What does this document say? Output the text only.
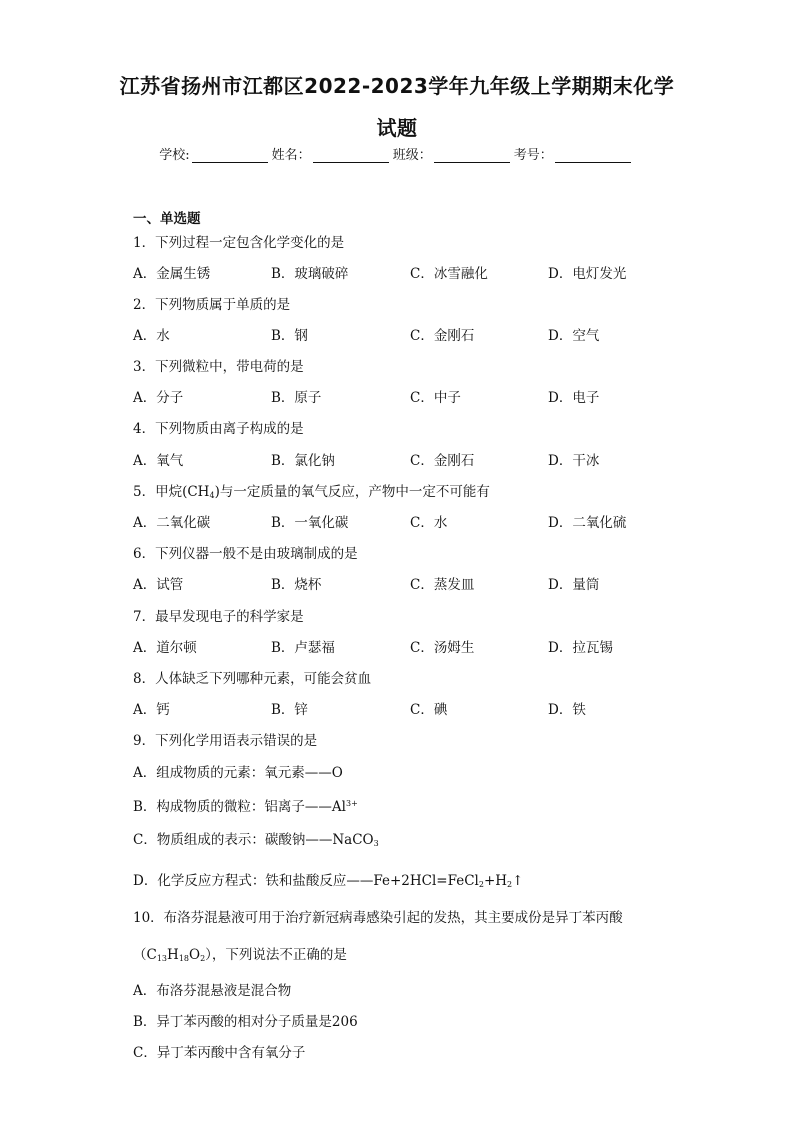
江苏省扬州市江都区2022-2023学年九年级上学期期末化学
试题
学校:	姓名：	班级：	考号：
一、单选题
1．下列过程一定包含化学变化的是
A．金属生锈	B．玻璃破碎	C．冰雪融化	D．电灯发光
2．下列物质属于单质的是
A．水	B．钢	C．金刚石	D．空气
3．下列微粒中，带电荷的是
A．分子	B．原子	C．中子	D．电子
4．下列物质由离子构成的是
A．氧气	B．氯化钠	C．金刚石	D．干冰
5．甲烷$(CH_4)$与一定质量的氧气反应，产物中一定不可能有
A．二氧化碳	B．一氧化碳	C．水	D．二氧化硫
6．下列仪器一般不是由玻璃制成的是
A．试管	B．烧杯	C．蒸发皿	D．量筒
7．最早发现电子的科学家是
A．道尔顿	B．卢瑟福	C．汤姆生	D．拉瓦锡
8．人体缺乏下列哪种元素，可能会贫血
A．钙	B．锌	C．碘	D．铁
9．下列化学用语表示错误的是
A．组成物质的元素：氧元素——O
B．构成物质的微粒：铝离子$——Al^{3+}$
C．物质组成的表示：碳酸钠——NaCO$_3$
D．化学反应方程式：铁和盐酸反应$——Fe+2HCl=FeCl_2+H_2↑$
10．布洛芬混悬液可用于治疗新冠病毒感染引起的发热，其主要成份是异丁苯丙酸
$(C_{13}H_{18}O_2)$，下列说法不正确的是
A．布洛芬混悬液是混合物
B．异丁苯丙酸的相对分子质量是206
C．异丁苯丙酸中含有氧分子
